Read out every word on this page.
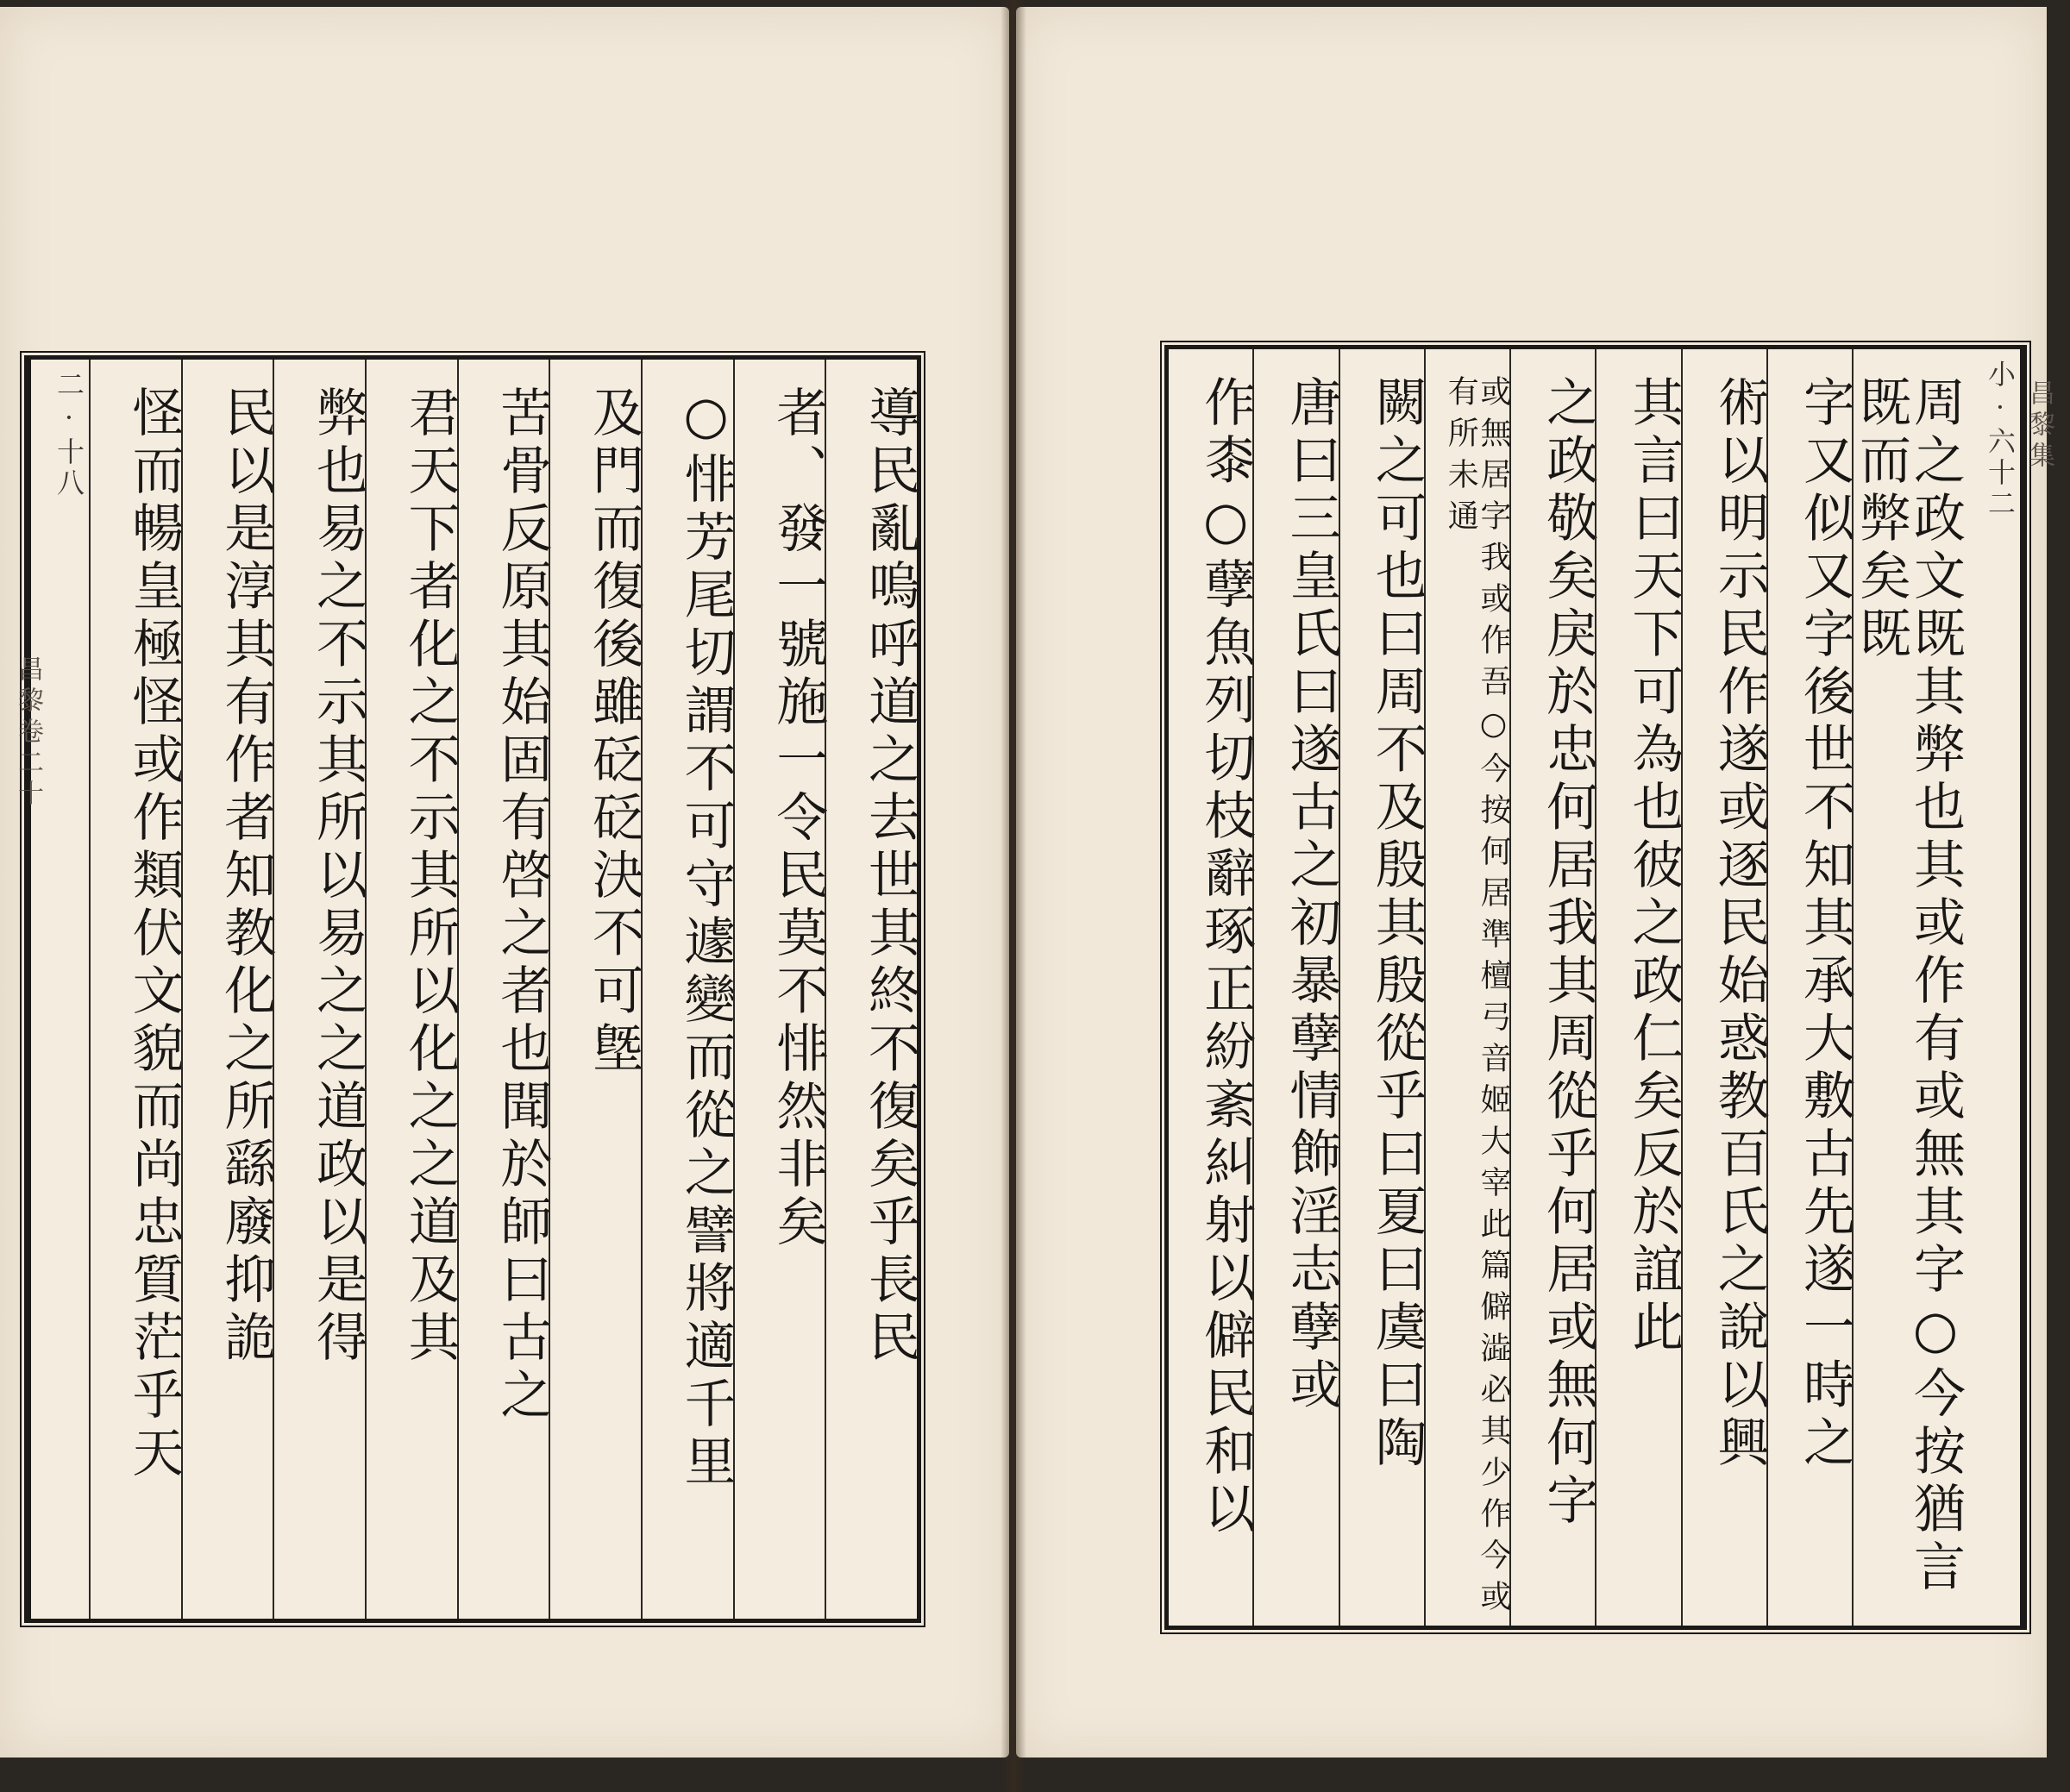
導民亂嗚呼道之去世其終不復矣乎長民
者、發一號施一令民莫不悱然非矣
○悱芳尾切謂不可守遽變而從之譬將適千里
及門而復後雖砭砭決不可墍
苦骨反原其始固有啓之者也聞於師曰古之
君天下者化之不示其所以化之之道及其
弊也易之不示其所以易之之道政以是得
民以是淳其有作者知教化之所繇廢抑詭
怪而暢皇極怪或作類伏文貌而尚忠質茫乎天
二·十八	小·六十二
周之政文既其弊也其或作有或無其字○今按猶言既而弊矣既
字又似又字後世不知其承大敷古先遂一時之
術以明示民作遂或逐民始惑教百氏之說以興
其言曰天下可為也彼之政仁矣反於誼此
之政敬矣戾於忠何居我其周從乎何居或無何字
或無居字我或作吾○今按何居準檀弓音姬大宰此篇僻澁必其少作今或有所未通
闕之可也曰周不及殷其殷從乎曰夏曰虞曰陶
唐曰三皇氏曰遂古之初暴孽情飾淫志孽或
作桼○孽魚列切枝辭琢正紛紊糾射以僻民和以	昌黎集
昌黎卷二十
